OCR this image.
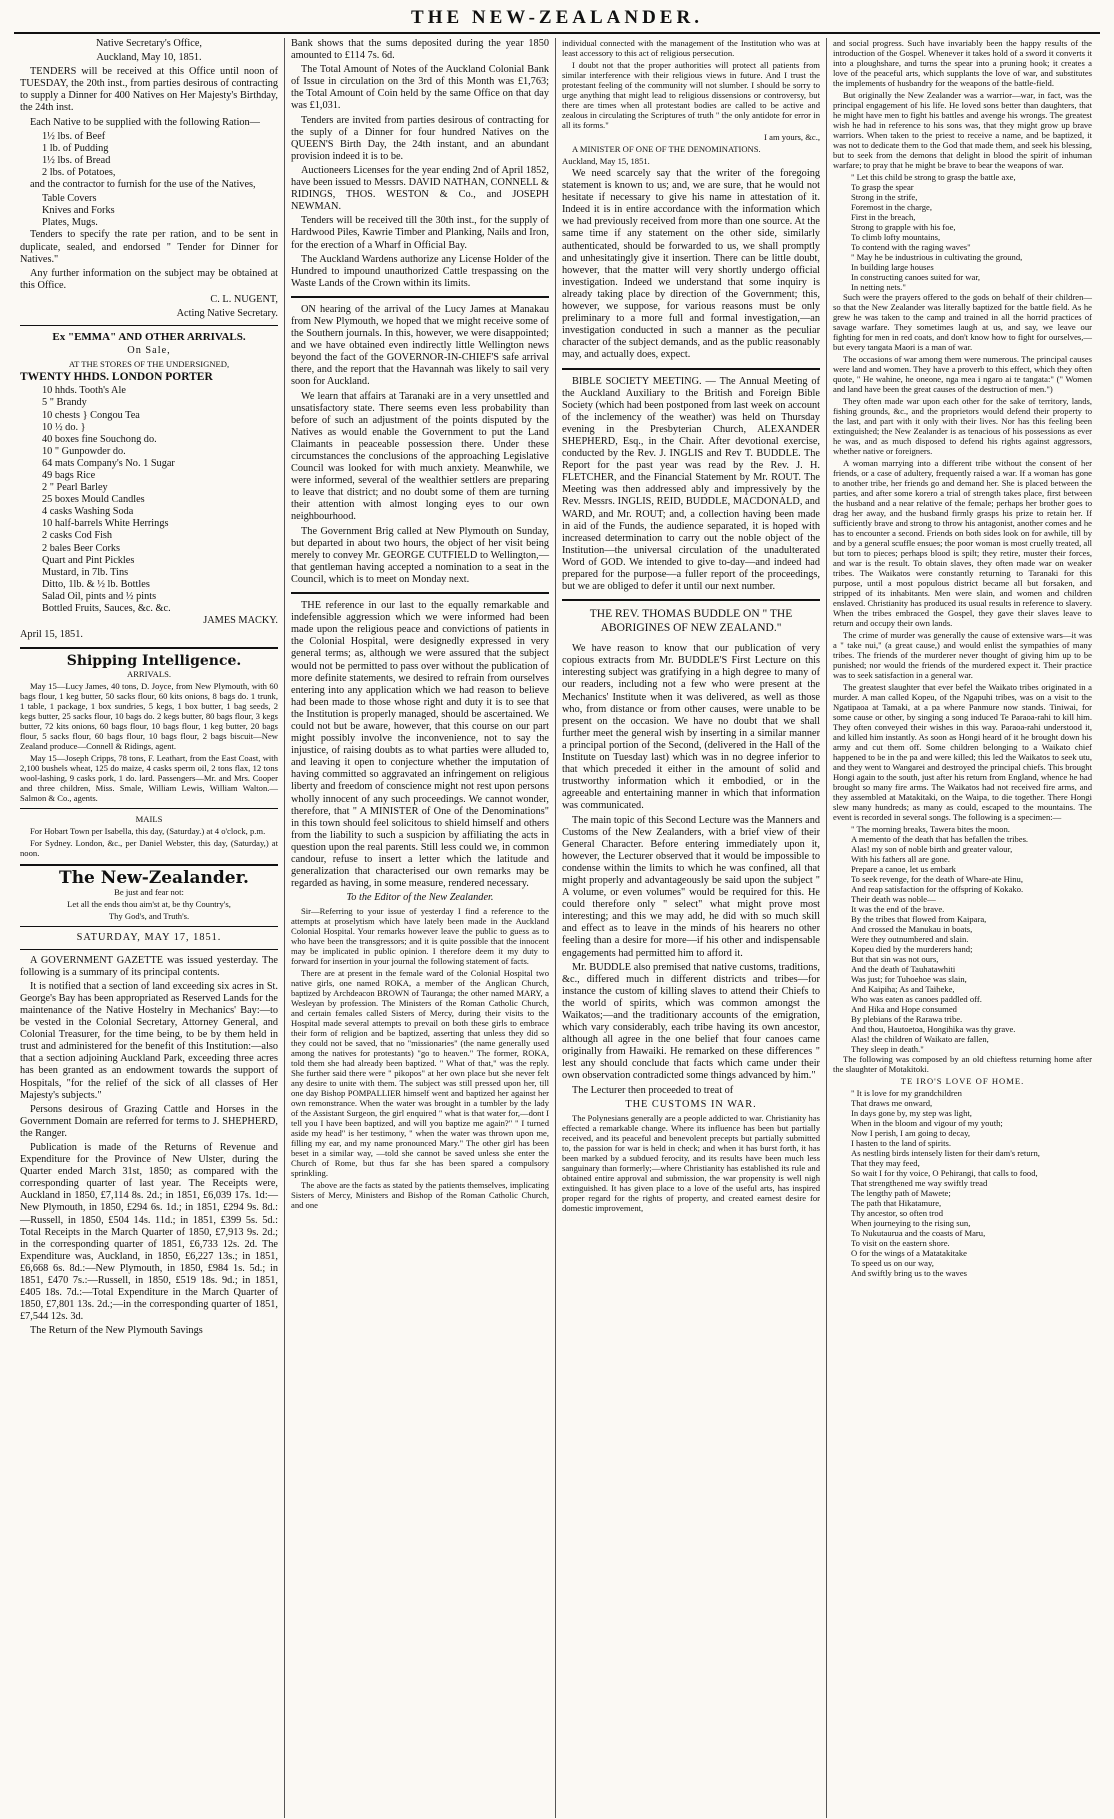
THE NEW-ZEALANDER.

Native Secretary's Office,

Auckland, May 10, 1851.

TENDERS will be received at this Office until noon of TUESDAY, the 20th inst., from parties desirous of contracting to supply a Dinner for 400 Natives on Her Majesty's Birthday, the 24th inst.

Each Native to be supplied with the following Ration—

1½ lbs. of Beef

1 lb. of Pudding

1½ lbs. of Bread

2 lbs. of Potatoes,

and the contractor to furnish for the use of the Natives,

Table Covers

Knives and Forks

Plates, Mugs.

Tenders to specify the rate per ration, and to be sent in duplicate, sealed, and endorsed " Tender for Dinner for Natives."

Any further information on the subject may be obtained at this Office.

C. L. NUGENT,

Acting Native Secretary.

Ex "EMMA" AND OTHER ARRIVALS.

On Sale,

AT THE STORES OF THE UNDERSIGNED,

TWENTY HHDS. LONDON PORTER

10 hhds. Tooth's Ale

5 " Brandy

10 chests } Congou Tea

10 ½ do. }

40 boxes fine Souchong do.

10 " Gunpowder do.

64 mats Company's No. 1 Sugar

49 bags Rice

2 " Pearl Barley

25 boxes Mould Candles

4 casks Washing Soda

10 half-barrels White Herrings

2 casks Cod Fish

2 bales Beer Corks

Quart and Pint Pickles

Mustard, in 7lb. Tins

Ditto, 1lb. & ½ lb. Bottles

Salad Oil, pints and ½ pints

Bottled Fruits, Sauces, &c. &c.

JAMES MACKY.

April 15, 1851.

Shipping Intelligence.

ARRIVALS.

May 15—Lucy James, 40 tons, D. Joyce, from New Plymouth, with 60 bags flour, 1 keg butter, 50 sacks flour, 60 kits onions, 8 bags do. 1 trunk, 1 table, 1 package, 1 box sundries, 5 kegs, 1 box butter, 1 bag seeds, 2 kegs butter, 25 sacks flour, 10 bags do. 2 kegs butter, 80 bags flour, 3 kegs butter, 72 kits onions, 60 bags flour, 10 bags flour, 1 keg butter, 20 bags flour, 5 sacks flour, 60 bags flour, 10 bags flour, 2 bags biscuit—New Zealand produce—Connell & Ridings, agent.

May 15—Joseph Cripps, 78 tons, F. Leathart, from the East Coast, with 2,100 bushels wheat, 125 do maize, 4 casks sperm oil, 2 tons flax, 12 tons wool-lashing, 9 casks pork, 1 do. lard. Passengers—Mr. and Mrs. Cooper and three children, Miss. Smale, William Lewis, William Walton.—Salmon & Co., agents.

MAILS

For Hobart Town per Isabella, this day, (Saturday.) at 4 o'clock, p.m.

For Sydney. London, &c., per Daniel Webster, this day, (Saturday,) at noon.

The New-Zealander.

Be just and fear not:

Let all the ends thou aim'st at, be thy Country's,

Thy God's, and Truth's.

SATURDAY, MAY 17, 1851.

A GOVERNMENT GAZETTE was issued yesterday. The following is a summary of its principal contents.

It is notified that a section of land exceeding six acres in St. George's Bay has been appropriated as Reserved Lands for the maintenance of the Native Hostelry in Mechanics' Bay:—to be vested in the Colonial Secretary, Attorney General, and Colonial Treasurer, for the time being, to be by them held in trust and administered for the benefit of this Institution:—also that a section adjoining Auckland Park, exceeding three acres has been granted as an endowment towards the support of Hospitals, "for the relief of the sick of all classes of Her Majesty's subjects."

Persons desirous of Grazing Cattle and Horses in the Government Domain are referred for terms to J. SHEPHERD, the Ranger.

Publication is made of the Returns of Revenue and Expenditure for the Province of New Ulster, during the Quarter ended March 31st, 1850; as compared with the corresponding quarter of last year. The Receipts were, Auckland in 1850, £7,114 8s. 2d.; in 1851, £6,039 17s. 1d:—New Plymouth, in 1850, £294 6s. 1d.; in 1851, £294 9s. 8d.:—Russell, in 1850, £504 14s. 11d.; in 1851, £399 5s. 5d.: Total Receipts in the March Quarter of 1850, £7,913 9s. 2d.; in the corresponding quarter of 1851, £6,733 12s. 2d. The Expenditure was, Auckland, in 1850, £6,227 13s.; in 1851, £6,668 6s. 8d.:—New Plymouth, in 1850, £984 1s. 5d.; in 1851, £470 7s.:—Russell, in 1850, £519 18s. 9d.; in 1851, £405 18s. 7d.:—Total Expenditure in the March Quarter of 1850, £7,801 13s. 2d.;—in the corresponding quarter of 1851, £7,544 12s. 3d.

The Return of the New Plymouth Savings

Bank shows that the sums deposited during the year 1850 amounted to £114 7s. 6d.

The Total Amount of Notes of the Auckland Colonial Bank of Issue in circulation on the 3rd of this Month was £1,763; the Total Amount of Coin held by the same Office on that day was £1,031.

Tenders are invited from parties desirous of contracting for the suply of a Dinner for four hundred Natives on the QUEEN'S Birth Day, the 24th instant, and an abundant provision indeed it is to be.

Auctioneers Licenses for the year ending 2nd of April 1852, have been issued to Messrs. DAVID NATHAN, CONNELL & RIDINGS, THOS. WESTON & Co., and JOSEPH NEWMAN.

Tenders will be received till the 30th inst., for the supply of Hardwood Piles, Kawrie Timber and Planking, Nails and Iron, for the erection of a Wharf in Official Bay.

The Auckland Wardens authorize any License Holder of the Hundred to impound unauthorized Cattle trespassing on the Waste Lands of the Crown within its limits.

ON hearing of the arrival of the Lucy James at Manakau from New Plymouth, we hoped that we might receive some of the Southern journals. In this, however, we were disappointed; and we have obtained even indirectly little Wellington news beyond the fact of the GOVERNOR-IN-CHIEF'S safe arrival there, and the report that the Havannah was likely to sail very soon for Auckland.

We learn that affairs at Taranaki are in a very unsettled and unsatisfactory state. There seems even less probability than before of such an adjustment of the points disputed by the Natives as would enable the Government to put the Land Claimants in peaceable possession there. Under these circumstances the conclusions of the approaching Legislative Council was looked for with much anxiety. Meanwhile, we were informed, several of the wealthier settlers are preparing to leave that district; and no doubt some of them are turning their attention with almost longing eyes to our own neighbourhood.

The Government Brig called at New Plymouth on Sunday, but departed in about two hours, the object of her visit being merely to convey Mr. GEORGE CUTFIELD to Wellington,—that gentleman having accepted a nomination to a seat in the Council, which is to meet on Monday next.

THE reference in our last to the equally remarkable and indefensible aggression which we were informed had been made upon the religious peace and convictions of patients in the Colonial Hospital, were designedly expressed in very general terms; as, although we were assured that the subject would not be permitted to pass over without the publication of more definite statements, we desired to refrain from ourselves entering into any application which we had reason to believe had been made to those whose right and duty it is to see that the Institution is properly managed, should be ascertained. We could not but be aware, however, that this course on our part might possibly involve the inconvenience, not to say the injustice, of raising doubts as to what parties were alluded to, and leaving it open to conjecture whether the imputation of having committed so aggravated an infringement on religious liberty and freedom of conscience might not rest upon persons wholly innocent of any such proceedings. We cannot wonder, therefore, that " A MINISTER of One of the Denominations" in this town should feel solicitous to shield himself and others from the liability to such a suspicion by affiliating the acts in question upon the real parents. Still less could we, in common candour, refuse to insert a letter which the latitude and generalization that characterised our own remarks may be regarded as having, in some measure, rendered necessary.

To the Editor of the New Zealander.

Sir—Referring to your issue of yesterday I find a reference to the attempts at proselytism which have lately been made in the Auckland Colonial Hospital. Your remarks however leave the public to guess as to who have been the transgressors; and it is quite possible that the innocent may be implicated in public opinion. I therefore deem it my duty to forward for insertion in your journal the following statement of facts.

There are at present in the female ward of the Colonial Hospital two native girls, one named ROKA, a member of the Anglican Church, baptized by Archdeacon BROWN of Tauranga; the other named MARY, a Wesleyan by profession. The Ministers of the Roman Catholic Church, and certain females called Sisters of Mercy, during their visits to the Hospital made several attempts to prevail on both these girls to embrace their form of religion and be baptized, asserting that unless they did so they could not be saved, that no "missionaries" (the name generally used among the natives for protestants) "go to heaven." The former, ROKA, told them she had already been baptized. " What of that," was the reply. She further said there were " pikopos" at her own place but she never felt any desire to unite with them. The subject was still pressed upon her, till one day Bishop POMPALLIER himself went and baptized her against her own remonstrance. When the water was brought in a tumbler by the lady of the Assistant Surgeon, the girl enquired " what is that water for,—dont I tell you I have been baptized, and will you baptize me again?" " I turned aside my head" is her testimony, " when the water was thrown upon me, filling my ear, and my name pronounced Mary." The other girl has been beset in a similar way, —told she cannot be saved unless she enter the Church of Rome, but thus far she has been spared a compulsory sprinkling.

The above are the facts as stated by the patients themselves, implicating Sisters of Mercy, Ministers and Bishop of the Roman Catholic Church, and one

individual connected with the management of the Institution who was at least accessory to this act of religious persecution.

I doubt not that the proper authorities will protect all patients from similar interference with their religious views in future. And I trust the protestant feeling of the community will not slumber. I should be sorry to urge anything that might lead to religious dissensions or controversy, but there are times when all protestant bodies are called to be active and zealous in circulating the Scriptures of truth " the only antidote for error in all its forms."

I am yours, &c.,

A MINISTER OF ONE OF THE DENOMINATIONS.

Auckland, May 15, 1851.

We need scarcely say that the writer of the foregoing statement is known to us; and, we are sure, that he would not hesitate if necessary to give his name in attestation of it. Indeed it is in entire accordance with the information which we had previously received from more than one source. At the same time if any statement on the other side, similarly authenticated, should be forwarded to us, we shall promptly and unhesitatingly give it insertion. There can be little doubt, however, that the matter will very shortly undergo official investigation. Indeed we understand that some inquiry is already taking place by direction of the Government; this, however, we suppose, for various reasons must be only preliminary to a more full and formal investigation,—an investigation conducted in such a manner as the peculiar character of the subject demands, and as the public reasonably may, and actually does, expect.

BIBLE SOCIETY MEETING. — The Annual Meeting of the Auckland Auxiliary to the British and Foreign Bible Society (which had been postponed from last week on account of the inclemency of the weather) was held on Thursday evening in the Presbyterian Church, ALEXANDER SHEPHERD, Esq., in the Chair. After devotional exercise, conducted by the Rev. J. INGLIS and Rev T. BUDDLE. The Report for the past year was read by the Rev. J. H. FLETCHER, and the Financial Statement by Mr. ROUT. The Meeting was then addressed ably and impressively by the Rev. Messrs. INGLIS, REID, BUDDLE, MACDONALD, and WARD, and Mr. ROUT; and, a collection having been made in aid of the Funds, the audience separated, it is hoped with increased determination to carry out the noble object of the Institution—the universal circulation of the unadulterated Word of GOD. We intended to give to-day—and indeed had prepared for the purpose—a fuller report of the proceedings, but we are obliged to defer it until our next number.

THE REV. THOMAS BUDDLE ON " THE ABORIGINES OF NEW ZEALAND."

We have reason to know that our publication of very copious extracts from Mr. BUDDLE'S First Lecture on this interesting subject was gratifying in a high degree to many of our readers, including not a few who were present at the Mechanics' Institute when it was delivered, as well as those who, from distance or from other causes, were unable to be present on the occasion. We have no doubt that we shall further meet the general wish by inserting in a similar manner a principal portion of the Second, (delivered in the Hall of the Institute on Tuesday last) which was in no degree inferior to that which preceded it either in the amount of solid and trustworthy information which it embodied, or in the agreeable and entertaining manner in which that information was communicated.

The main topic of this Second Lecture was the Manners and Customs of the New Zealanders, with a brief view of their General Character. Before entering immediately upon it, however, the Lecturer observed that it would be impossible to condense within the limits to which he was confined, all that might properly and advantageously be said upon the subject " A volume, or even volumes" would be required for this. He could therefore only " select" what might prove most interesting; and this we may add, he did with so much skill and effect as to leave in the minds of his hearers no other feeling than a desire for more—if his other and indispensable engagements had permitted him to afford it.

Mr. BUDDLE also premised that native customs, traditions, &c., differed much in different districts and tribes—for instance the custom of killing slaves to attend their Chiefs to the world of spirits, which was common amongst the Waikatos;—and the traditionary accounts of the emigration, which vary considerably, each tribe having its own ancestor, although all agree in the one belief that four canoes came originally from Hawaiki. He remarked on these differences " lest any should conclude that facts which came under their own observation contradicted some things advanced by him."

The Lecturer then proceeded to treat of

THE CUSTOMS IN WAR.

The Polynesians generally are a people addicted to war. Christianity has effected a remarkable change. Where its influence has been but partially received, and its peaceful and benevolent precepts but partially submitted to, the passion for war is held in check; and when it has burst forth, it has been marked by a subdued ferocity, and its results have been much less sanguinary than formerly;—where Christianity has established its rule and obtained entire approval and submission, the war propensity is well nigh extinguished. It has given place to a love of the useful arts, has inspired proper regard for the rights of property, and created earnest desire for domestic improvement,

and social progress. Such have invariably been the happy results of the introduction of the Gospel. Whenever it takes hold of a sword it converts it into a ploughshare, and turns the spear into a pruning hook; it creates a love of the peaceful arts, which supplants the love of war, and substitutes the implements of husbandry for the weapons of the battle-field.

But originally the New Zealander was a warrior—war, in fact, was the principal engagement of his life. He loved sons better than daughters, that he might have men to fight his battles and avenge his wrongs. The greatest wish he had in reference to his sons was, that they might grow up brave warriors. When taken to the priest to receive a name, and be baptized, it was not to dedicate them to the God that made them, and seek his blessing, but to seek from the demons that delight in blood the spirit of inhuman warfare; to pray that he might be brave to bear the weapons of war.

" Let this child be strong to grasp the battle axe,

To grasp the spear

Strong in the strife,

Foremost in the charge,

First in the breach,

Strong to grapple with his foe,

To climb lofty mountains,

To contend with the raging waves"

" May he be industrious in cultivating the ground,

In building large houses

In constructing canoes suited for war,

In netting nets."

Such were the prayers offered to the gods on behalf of their children—so that the New Zealander was literally baptized for the battle field. As he grew he was taken to the camp and trained in all the horrid practices of savage warfare. They sometimes laugh at us, and say, we leave our fighting for men in red coats, and don't know how to fight for ourselves,—but every tangata Maori is a man of war.

The occasions of war among them were numerous. The principal causes were land and women. They have a proverb to this effect, which they often quote, " He wahine, he oneone, nga mea i ngaro ai te tangata:" (" Women and land have been the great causes of the destruction of men.")

They often made war upon each other for the sake of territory, lands, fishing grounds, &c., and the proprietors would defend their property to the last, and part with it only with their lives. Nor has this feeling been extinguished; the New Zealander is as tenacious of his possessions as ever he was, and as much disposed to defend his rights against aggressors, whether native or foreigners.

A woman marrying into a different tribe without the consent of her friends, or a case of adultery, frequently raised a war. If a woman has gone to another tribe, her friends go and demand her. She is placed between the parties, and after some korero a trial of strength takes place, first between the husband and a near relative of the female; perhaps her brother goes to drag her away, and the husband firmly grasps his prize to retain her. If sufficiently brave and strong to throw his antagonist, another comes and he has to encounter a second. Friends on both sides look on for awhile, till by and by a general scuffle ensues; the poor woman is most cruelly treated, all but torn to pieces; perhaps blood is spilt; they retire, muster their forces, and war is the result. To obtain slaves, they often made war on weaker tribes. The Waikatos were constantly returning to Taranaki for this purpose, until a most populous district became all but forsaken, and stripped of its inhabitants. Men were slain, and women and children enslaved. Christianity has produced its usual results in reference to slavery. When the tribes embraced the Gospel, they gave their slaves leave to return and occupy their own lands.

The crime of murder was generally the cause of extensive wars—it was a " take nui," (a great cause,) and would enlist the sympathies of many tribes. The friends of the murderer never thought of giving him up to be punished; nor would the friends of the murdered expect it. Their practice was to seek satisfaction in a general war.

The greatest slaughter that ever befel the Waikato tribes originated in a murder. A man called Kopeu, of the Ngapuhi tribes, was on a visit to the Ngatipaoa at Tamaki, at a pa where Panmure now stands. Tiniwai, for some cause or other, by singing a song induced Te Paraoa-rahi to kill him. They often conveyed their wishes in this way. Paraoa-rahi understood it, and killed him instantly. As soon as Hongi heard of it he brought down his army and cut them off. Some children belonging to a Waikato chief happened to be in the pa and were killed; this led the Waikatos to seek utu, and they went to Wangarei and destroyed the principal chiefs. This brought Hongi again to the south, just after his return from England, whence he had brought so many fire arms. The Waikatos had not received fire arms, and they assembled at Matakitaki, on the Waipa, to die together. There Hongi slew many hundreds; as many as could, escaped to the mountains. The event is recorded in several songs. The following is a specimen:—

" The morning breaks, Tawera bites the moon.

A memento of the death that has befallen the tribes.

Alas! my son of noble birth and greater valour,

With his fathers all are gone.

Prepare a canoe, let us embark

To seek revenge, for the death of Whare-ate Hinu,

And reap satisfaction for the offspring of Kokako.

Their death was noble—

It was the end of the brave.

By the tribes that flowed from Kaipara,

And crossed the Manukau in boats,

Were they outnumbered and slain.

Kopeu died by the murderers hand;

But that sin was not ours,

And the death of Tauhatawhiti

Was just; for Tuhoehoe was slain,

And Kaipiha; As and Taiheke,

Who was eaten as canoes paddled off.

And Hika and Hope consumed

By plebians of the Rarawa tribe.

And thou, Hautoetoa, Hongihika was thy grave.

Alas! the children of Waikato are fallen,

They sleep in death."

The following was composed by an old chieftess returning home after the slaughter of Motakitoki.

TE IRO'S LOVE OF HOME.

" It is love for my grandchildren

That draws me onward,

In days gone by, my step was light,

When in the bloom and vigour of my youth;

Now I perish, I am going to decay,

I hasten to the land of spirits.

As nestling birds intensely listen for their dam's return,

That they may feed,

So wait I for thy voice, O Pehirangi, that calls to food,

That strengthened me way swiftly tread

The lengthy path of Mawete;

The path that Hikatamure,

Thy ancestor, so often trod

When journeying to the rising sun,

To Nukutaurua and the coasts of Maru,

To visit on the eastern shore.

O for the wings of a Matatakitake

To speed us on our way,

And swiftly bring us to the waves
